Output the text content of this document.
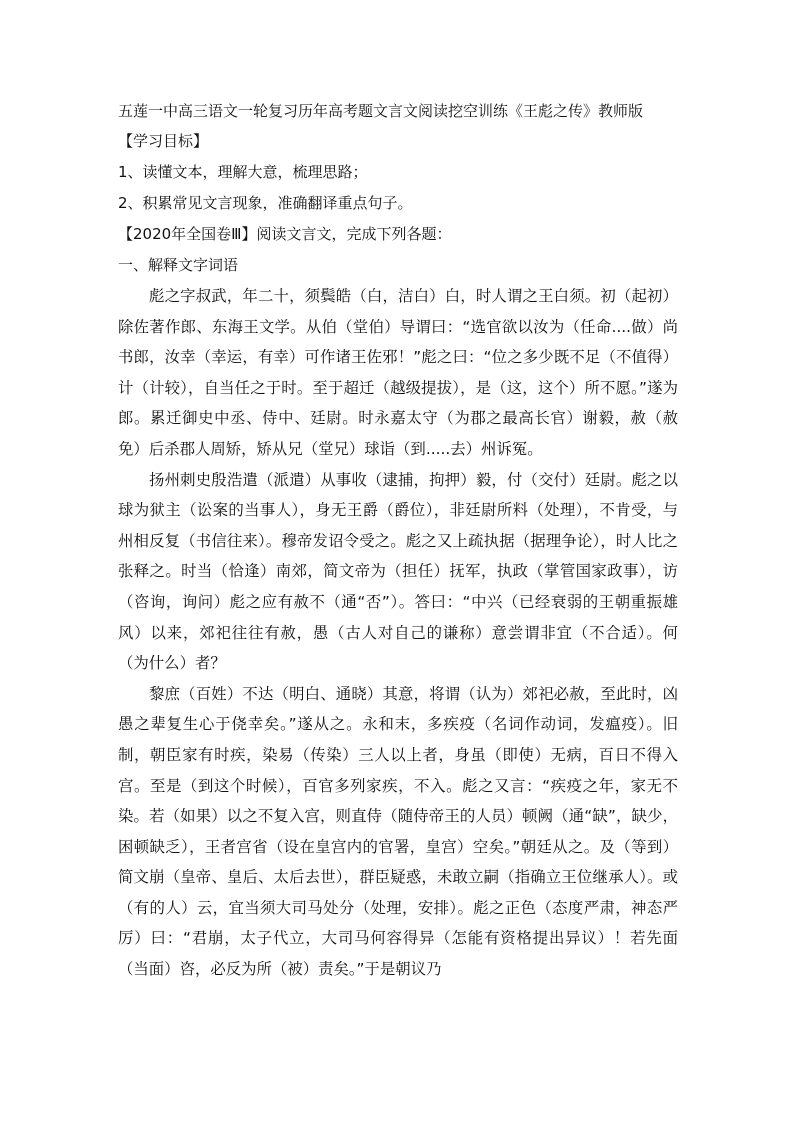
五莲一中高三语文一轮复习历年高考题文言文阅读挖空训练《王彪之传》教师版

【学习目标】

1、读懂文本，理解大意，梳理思路；

2、积累常见文言现象，准确翻译重点句子。

【2020年全国卷Ⅲ】阅读文言文，完成下列各题：

一、解释文字词语

彪之字叔武，年二十，须鬓皓（白，洁白）白，时人谓之王白须。初（起初）除佐著作郎、东海王文学。从伯（堂伯）导谓曰：“选官欲以汝为（任命....做）尚书郎，汝幸（幸运，有幸）可作诸王佐邪！”彪之曰：“位之多少既不足（不值得）计（计较），自当任之于时。至于超迁（越级提拔），是（这，这个）所不愿。”遂为郎。累迁御史中丞、侍中、廷尉。时永嘉太守（为郡之最高长官）谢毅，赦（赦免）后杀郡人周矫，矫从兄（堂兄）球诣（到.....去）州诉冤。

扬州刺史殷浩遣（派遣）从事收（逮捕，拘押）毅，付（交付）廷尉。彪之以球为狱主（讼案的当事人），身无王爵（爵位），非廷尉所料（处理），不肯受，与州相反复（书信往来）。穆帝发诏令受之。彪之又上疏执据（据理争论），时人比之张释之。时当（恰逢）南郊，简文帝为（担任）抚军，执政（掌管国家政事），访（咨询，询问）彪之应有赦不（通“否”）。答曰：“中兴（已经衰弱的王朝重振雄风）以来，郊祀往往有赦，愚（古人对自己的谦称）意尝谓非宜（不合适）。何（为什么）者？

黎庶（百姓）不达（明白、通晓）其意，将谓（认为）郊祀必赦，至此时，凶愚之辈复生心于侥幸矣。”遂从之。永和末，多疾疫（名词作动词，发瘟疫）。旧制，朝臣家有时疾，染易（传染）三人以上者，身虽（即使）无病，百日不得入宫。至是（到这个时候），百官多列家疾，不入。彪之又言：“疾疫之年，家无不染。若（如果）以之不复入宫，则直侍（随侍帝王的人员）顿阙（通“缺”，缺少，困顿缺乏），王者宫省（设在皇宫内的官署，皇宫）空矣。”朝廷从之。及（等到）简文崩（皇帝、皇后、太后去世），群臣疑惑，未敢立嗣（指确立王位继承人）。或（有的人）云，宜当须大司马处分（处理，安排）。彪之正色（态度严肃，神态严厉）曰：“君崩，太子代立，大司马何容得异（怎能有资格提出异议）！若先面（当面）咨，必反为所（被）责矣。”于是朝议乃
